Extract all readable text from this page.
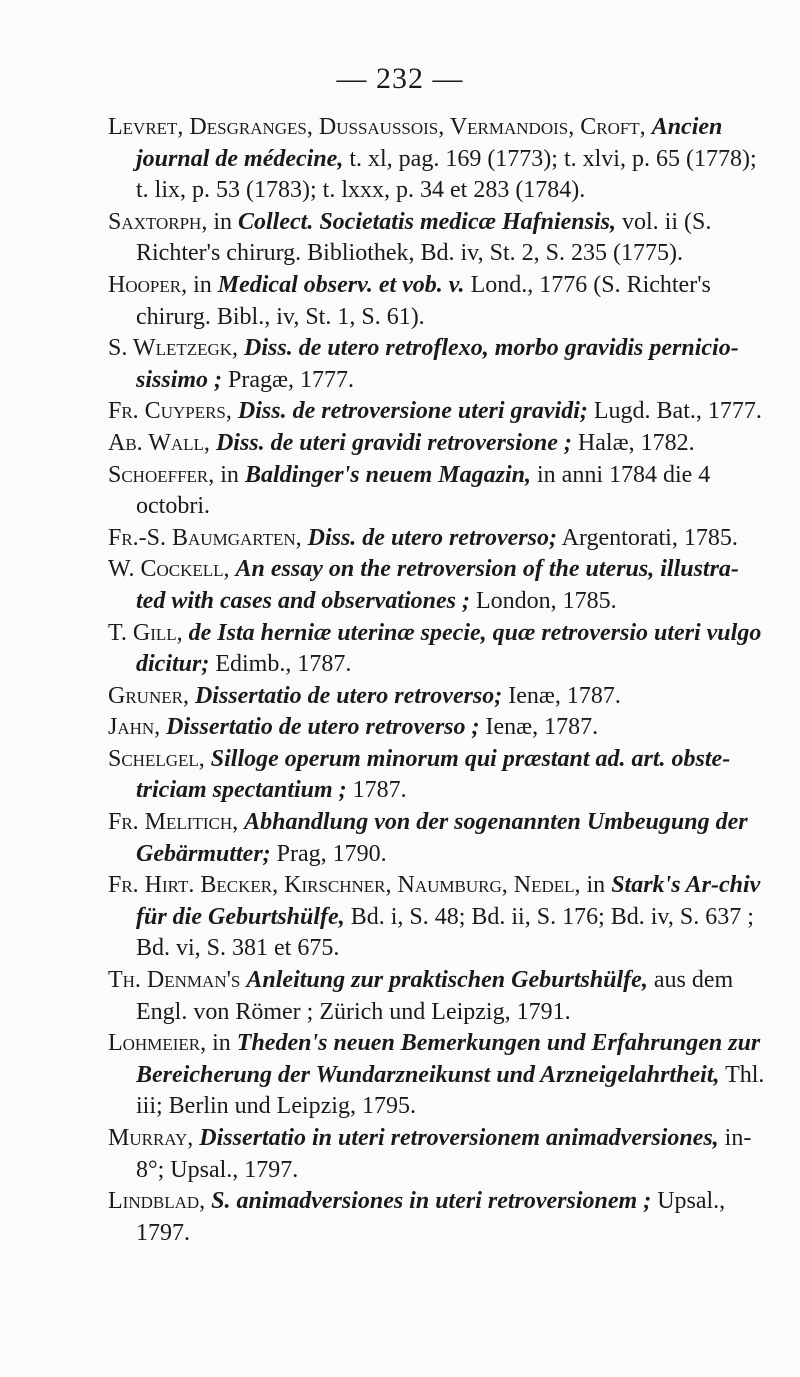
— 232 —

Levret, Desgranges, Dussaussois, Vermandois, Croft, Ancien journal de médecine, t. xl, pag. 169 (1773); t. xlvi, p. 65 (1778); t. lix, p. 53 (1783); t. lxxx, p. 34 et 283 (1784).

Saxtorph, in Collect. Societatis medicæ Hafniensis, vol. ii (S. Richter's chirurg. Bibliothek, Bd. iv, St. 2, S. 235 (1775).

Hooper, in Medical observ. et vob. v. Lond., 1776 (S. Richter's chirurg. Bibl., iv, St. 1, S. 61).

S. Wletzegk, Diss. de utero retroflexo, morbo gravidis pernicio-sissimo ; Pragæ, 1777.

Fr. Cuypers, Diss. de retroversione uteri gravidi; Lugd. Bat., 1777.

Ab. Wall, Diss. de uteri gravidi retroversione ; Halæ, 1782.

Schoeffer, in Baldinger's neuem Magazin, in anni 1784 die 4 octobri.

Fr.-S. Baumgarten, Diss. de utero retroverso; Argentorati, 1785.

W. Cockell, An essay on the retroversion of the uterus, illustra-ted with cases and observationes ; London, 1785.

T. Gill, de Ista herniæ uterinæ specie, quæ retroversio uteri vulgo dicitur; Edimb., 1787.

Gruner, Dissertatio de utero retroverso; Ienæ, 1787.

Jahn, Dissertatio de utero retroverso ; Ienæ, 1787.

Schelgel, Silloge operum minorum qui præstant ad. art. obste-triciam spectantium ; 1787.

Fr. Melitich, Abhandlung von der sogenannten Umbeugung der Gebärmutter; Prag, 1790.

Fr. Hirt. Becker, Kirschner, Naumburg, Nedel, in Stark's Ar-chiv für die Geburtshülfe, Bd. i, S. 48; Bd. ii, S. 176; Bd. iv, S. 637 ; Bd. vi, S. 381 et 675.

Th. Denman's Anleitung zur praktischen Geburtshülfe, aus dem Engl. von Römer ; Zürich und Leipzig, 1791.

Lohmeier, in Theden's neuen Bemerkungen und Erfahrungen zur Bereicherung der Wundarzneikunst und Arzneigelahrtheit, Thl. iii; Berlin und Leipzig, 1795.

Murray, Dissertatio in uteri retroversionem animadversiones, in-8°; Upsal., 1797.

Lindblad, S. animadversiones in uteri retroversionem ; Upsal., 1797.
